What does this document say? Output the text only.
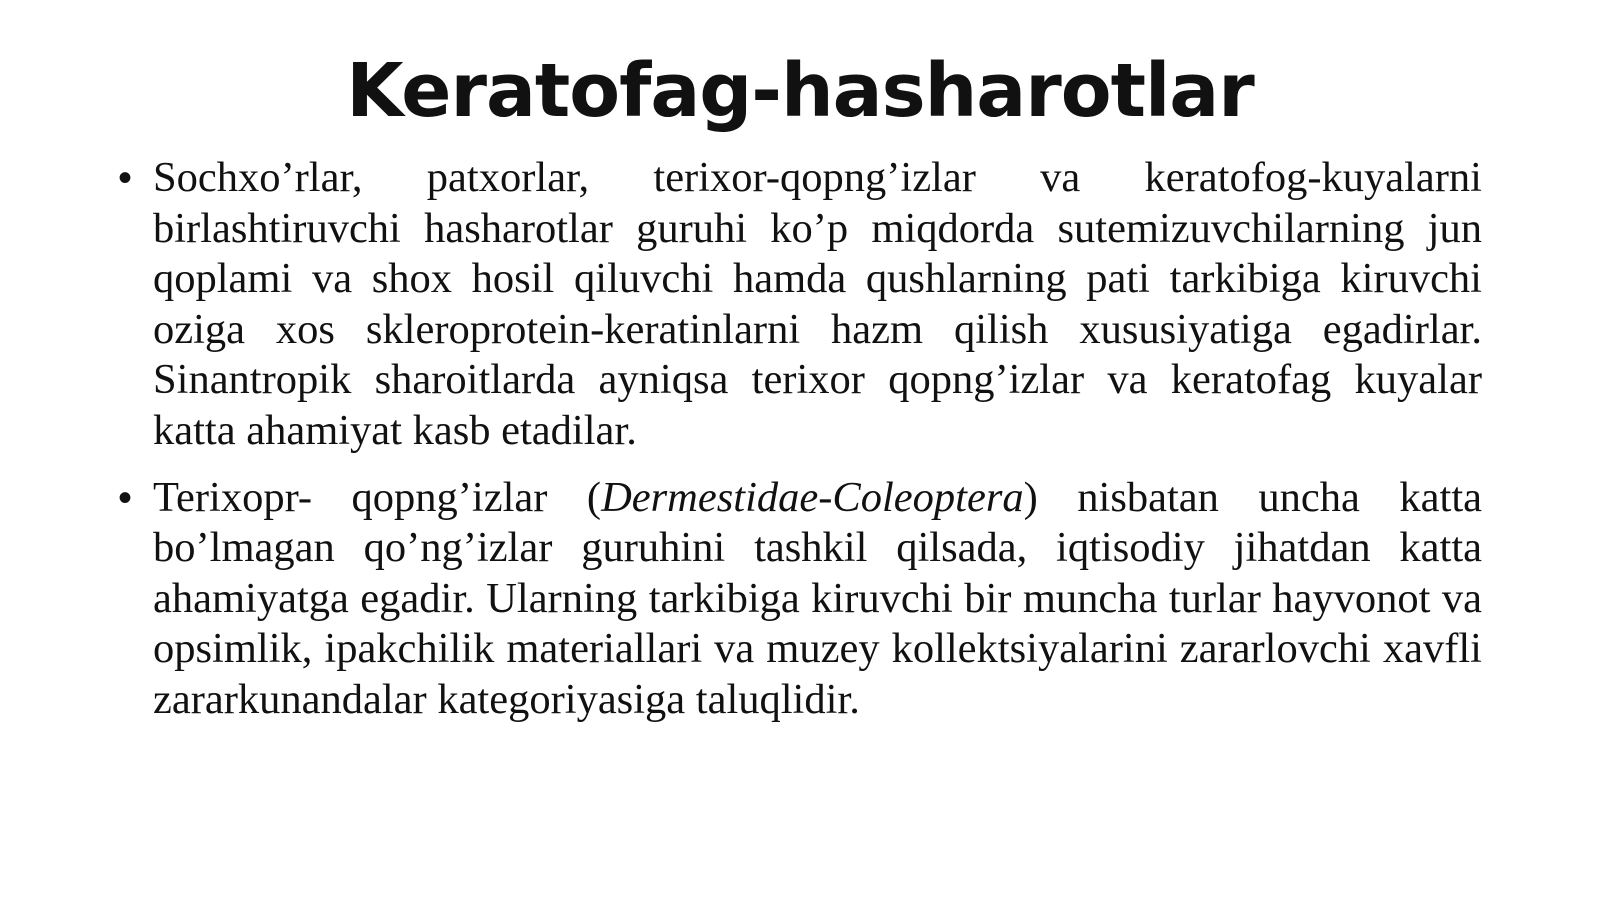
Keratofag-hasharotlar
• Sochxo’rlar, patxorlar, terixor-qopng’izlar va keratofog-kuyalarni birlashtiruvchi hasharotlar guruhi ko’p miqdorda sutemizuvchilarning jun qoplami va shox hosil qiluvchi hamda qushlarning pati tarkibiga kiruvchi oziga xos skleroprotein-keratinlarni hazm qilish xususiyatiga egadirlar. Sinantropik sharoitlarda ayniqsa terixor qopng’izlar va keratofag kuyalar katta ahamiyat kasb etadilar.
• Terixopr- qopng’izlar (Dermestidae-Coleoptera) nisbatan uncha katta bo’lmagan qo’ng’izlar guruhini tashkil qilsada, iqtisodiy jihatdan katta ahamiyatga egadir. Ularning tarkibiga kiruvchi bir muncha turlar hayvonot va opsimlik, ipakchilik materiallari va muzey kollektsiyalarini zararlovchi xavfli zararkunandalar kategoriyasiga taluqlidir.
